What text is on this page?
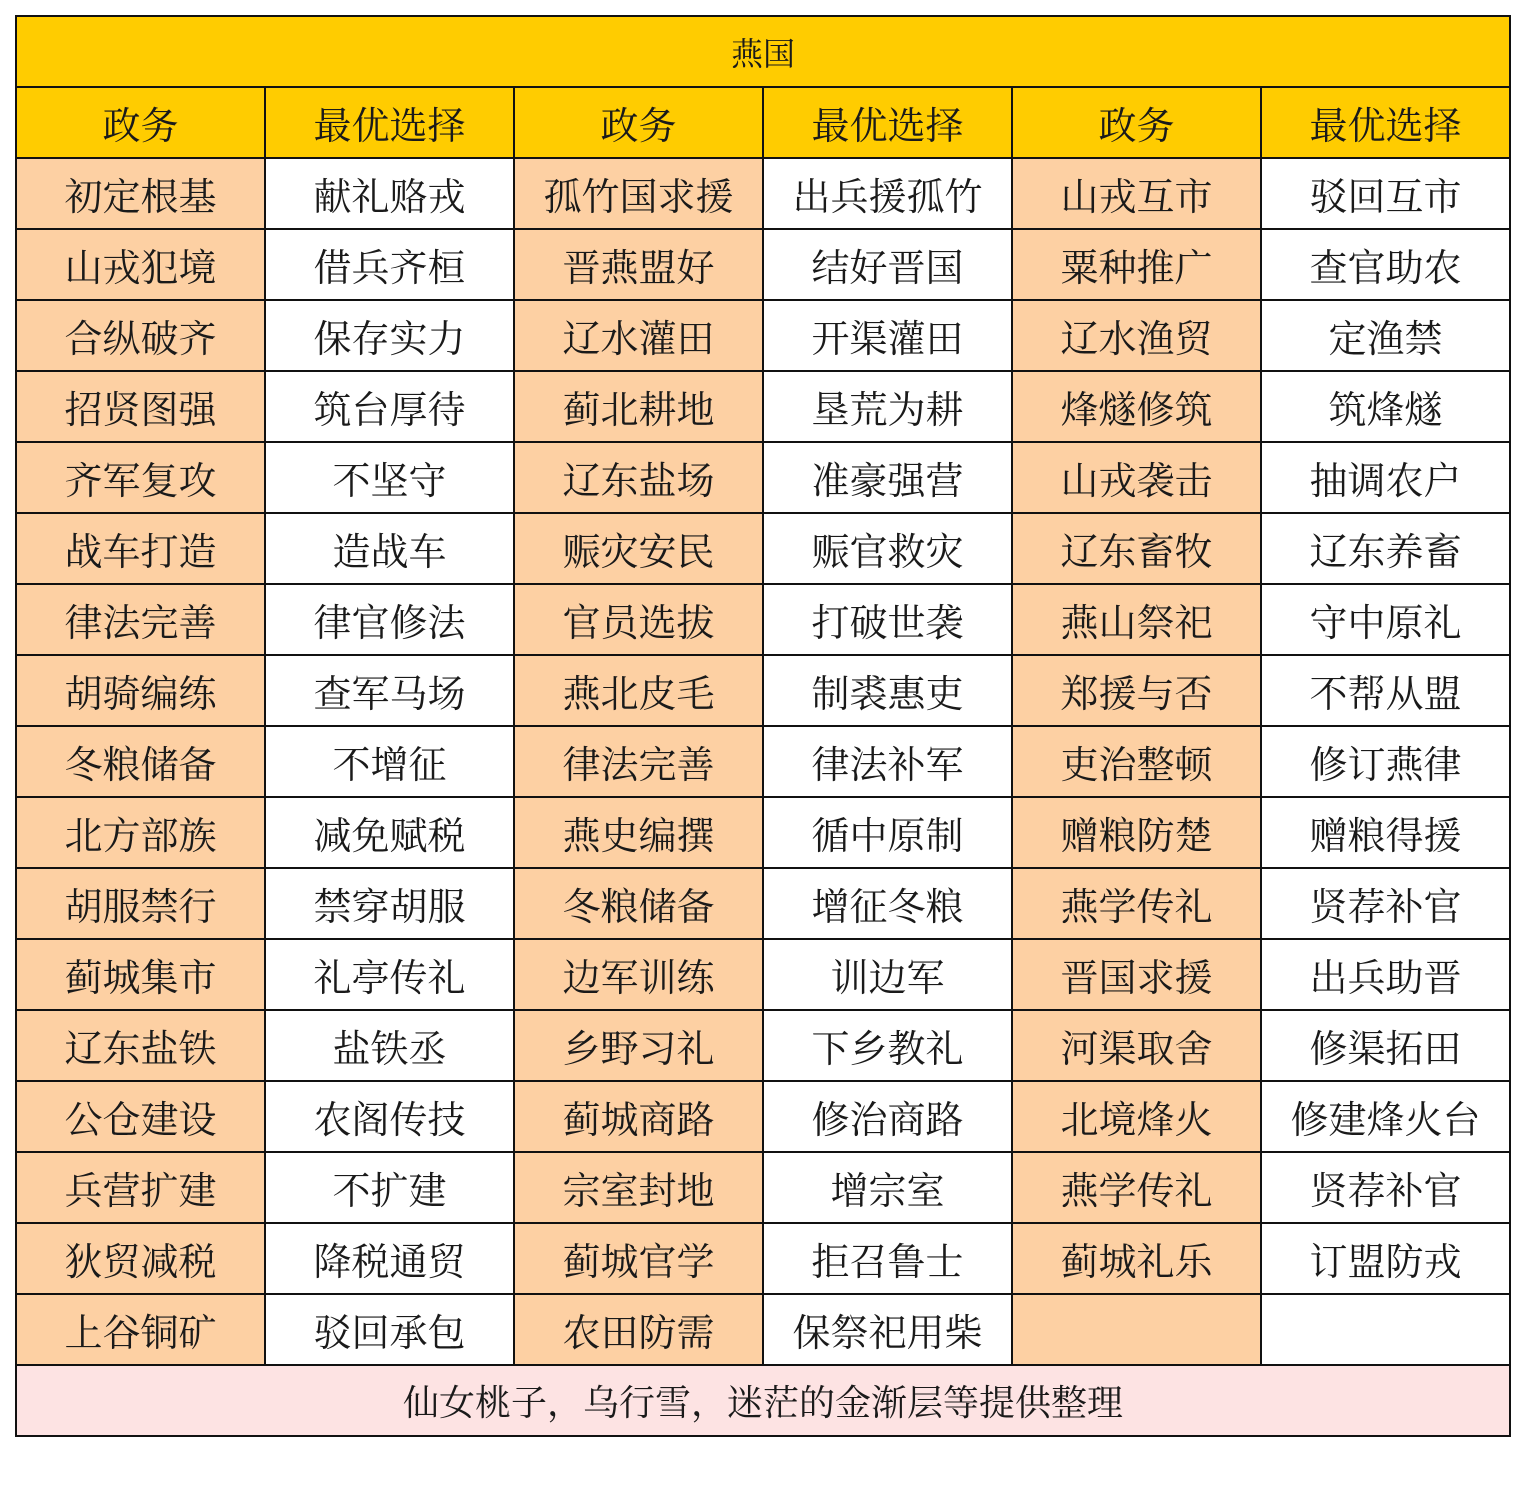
燕国					
政务	最优选择	政务	最优选择	政务	最优选择
初定根基	献礼赂戎	孤竹国求援	出兵援孤竹	山戎互市	驳回互市
山戎犯境	借兵齐桓	晋燕盟好	结好晋国	粟种推广	查官助农
合纵破齐	保存实力	辽水灌田	开渠灌田	辽水渔贸	定渔禁
招贤图强	筑台厚待	蓟北耕地	垦荒为耕	烽燧修筑	筑烽燧
齐军复攻	不坚守	辽东盐场	准豪强营	山戎袭击	抽调农户
战车打造	造战车	赈灾安民	赈官救灾	辽东畜牧	辽东养畜
律法完善	律官修法	官员选拔	打破世袭	燕山祭祀	守中原礼
胡骑编练	查军马场	燕北皮毛	制裘惠吏	郑援与否	不帮从盟
冬粮储备	不增征	律法完善	律法补军	吏治整顿	修订燕律
北方部族	减免赋税	燕史编撰	循中原制	赠粮防楚	赠粮得援
胡服禁行	禁穿胡服	冬粮储备	增征冬粮	燕学传礼	贤荐补官
蓟城集市	礼亭传礼	边军训练	训边军	晋国求援	出兵助晋
辽东盐铁	盐铁丞	乡野习礼	下乡教礼	河渠取舍	修渠拓田
公仓建设	农阁传技	蓟城商路	修治商路	北境烽火	修建烽火台
兵营扩建	不扩建	宗室封地	增宗室	燕学传礼	贤荐补官
狄贸减税	降税通贸	蓟城官学	拒召鲁士	蓟城礼乐	订盟防戎
上谷铜矿	驳回承包	农田防需	保祭祀用柴		
仙女桃子，乌行雪，迷茫的金渐层等提供整理					
